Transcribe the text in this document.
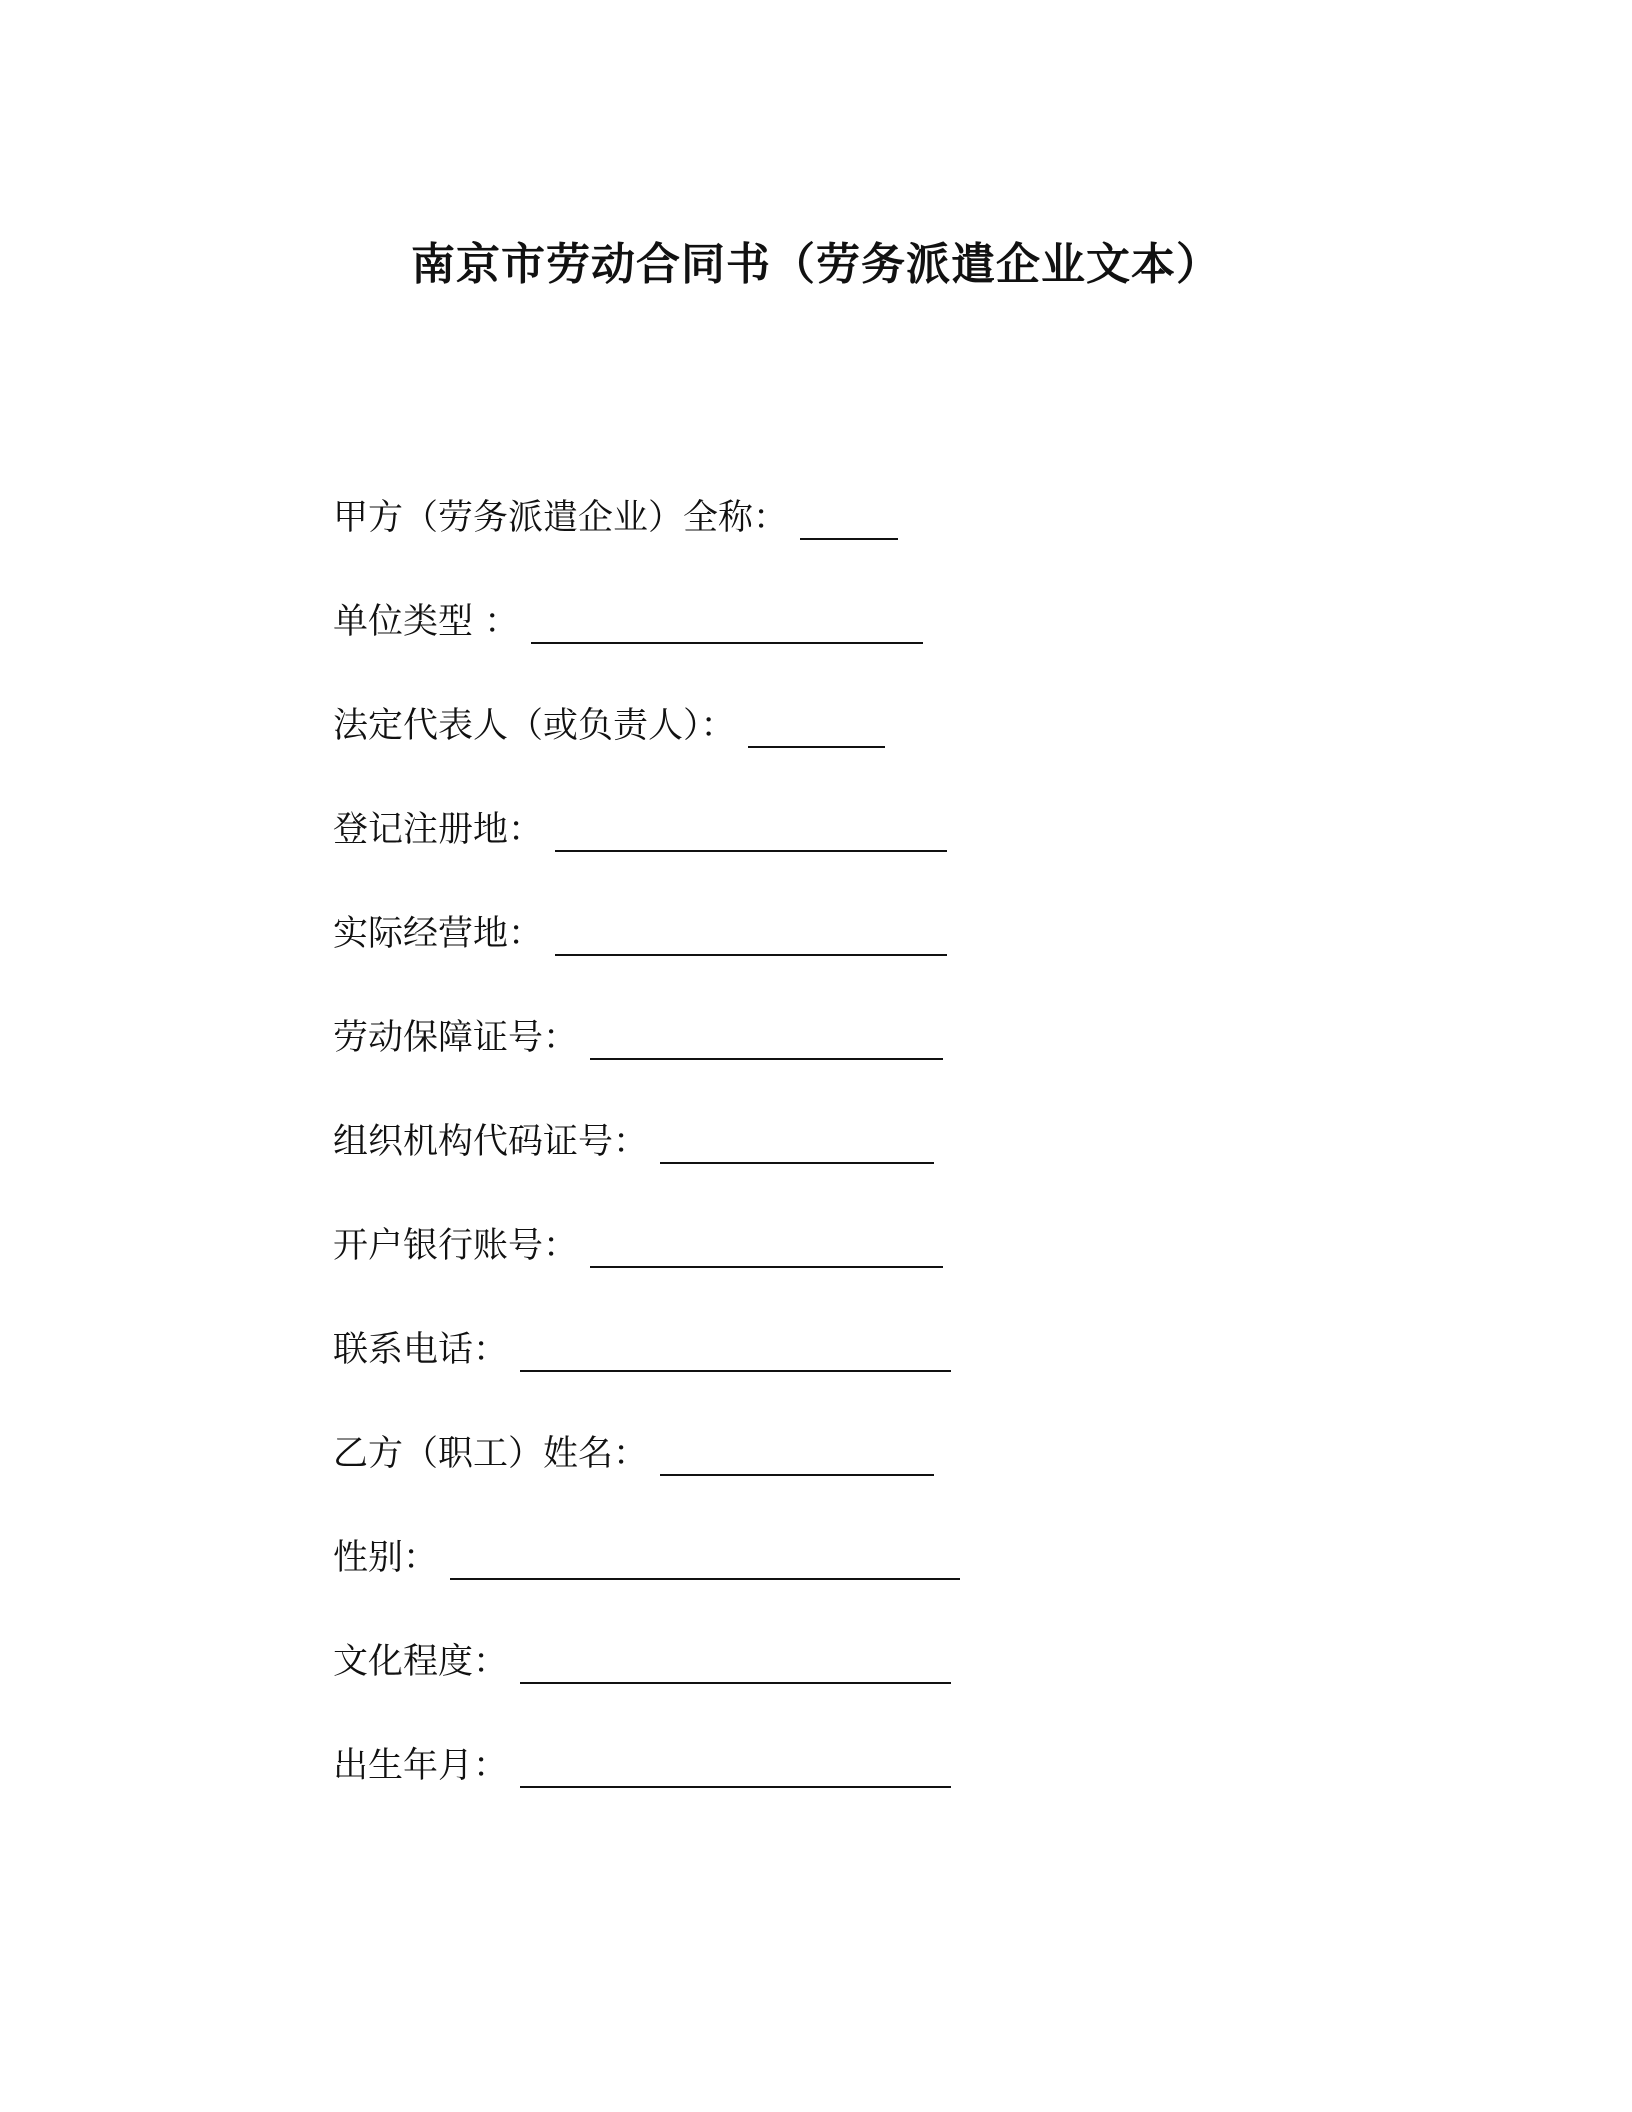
南京市劳动合同书（劳务派遣企业文本）
甲方（劳务派遣企业）全称：
单位类型 ：
法定代表人（或负责人）：
登记注册地：
实际经营地：
劳动保障证号：
组织机构代码证号：
开户银行账号：
联系电话：
乙方（职工）姓名：
性别：
文化程度：
出生年月：
